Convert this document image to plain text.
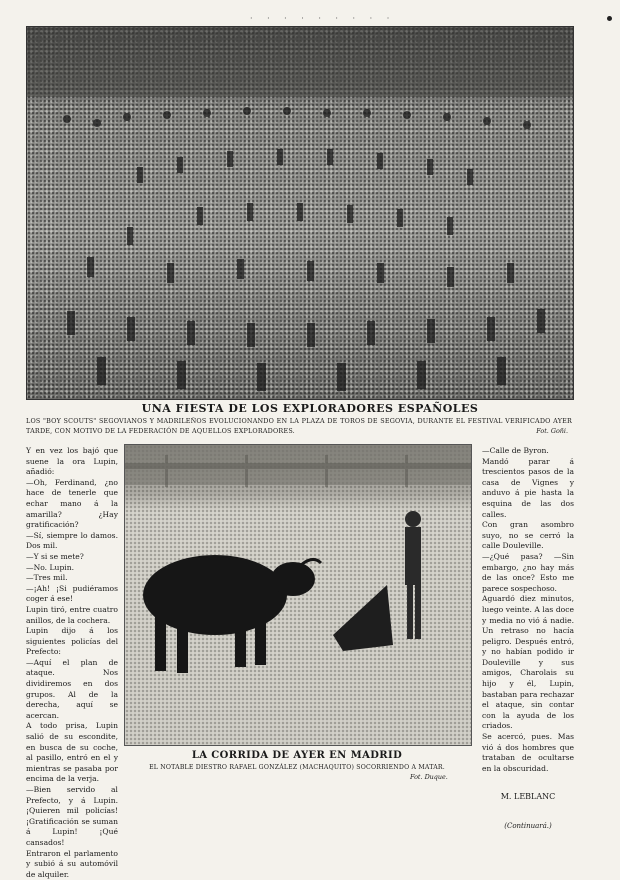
· · · · · · · · ·
UNA FIESTA DE LOS EXPLORADORES ESPAÑOLES
LOS "BOY SCOUTS" SEGOVIANOS Y MADRILEÑOS EVOLUCIONANDO EN LA PLAZA DE TOROS DE SEGOVIA, DURANTE EL FESTIVAL VERIFICADO AYER TARDE, CON MOTIVO DE LA FEDERACIÓN DE AQUELLOS EXPLORADORES.	Fot. Goñi.

Y en vez los bajó que suene la ora Lupin, añadió:

—Oh, Ferdinand, ¿no hace de tenerle que echar mano á la amarilla? ¿Hay gratificación?

—Sí, siempre lo damos. Dos mil.

—Y si se mete?

—No. Lupin.

—Tres mil.

—¡Ah! ¡Si pudiéramos coger á ese!

Lupin tiró, entre cuatro anillos, de la cochera.

Lupin dijo á los siguientes policías del Prefecto:

—Aquí el plan de ataque. Nos dividiremos en dos grupos. Al de la derecha, aquí se acercan.

A todo prisa, Lupin salió de su escondite, en busca de su coche, al pasillo, entró en el y mientras se pasaba por encima de la verja.

—Bien servido al Prefecto, y á Lupin. ¡Quieren mil policías! ¡Gratificación se suman á Lupin! ¡Qué cansados!

Entraron el parlamento y subió á su automóvil de alquiler.

LA CORRIDA DE AYER EN MADRID
EL NOTABLE DIESTRO RAFAEL GONZÁLEZ (MACHAQUITO) SOCORRIENDO A MATAR.
Fot. Duque.

—Calle de Byron.

Mandó parar á trescientos pasos de la casa de Vignes y anduvo á pie hasta la esquina de las dos calles.

Con gran asombro suyo, no se cerró la calle Douleville.

—¿Qué pasa? —Sin embargo, ¿no hay más de las once? Esto me parece sospechoso.

Aguardó diez minutos, luego veinte. A las doce y media no vió á nadie. Un retraso no hacía peligro. Después entró, y no habían podido ir Douleville y sus amigos, Charolais su hijo y él, Lupin, bastaban para rechazar el ataque, sin contar con la ayuda de los criados.

Se acercó, pues. Mas vió á dos hombres que trataban de ocultarse en la obscuridad.

M. LEBLANC
(Continuará.)
